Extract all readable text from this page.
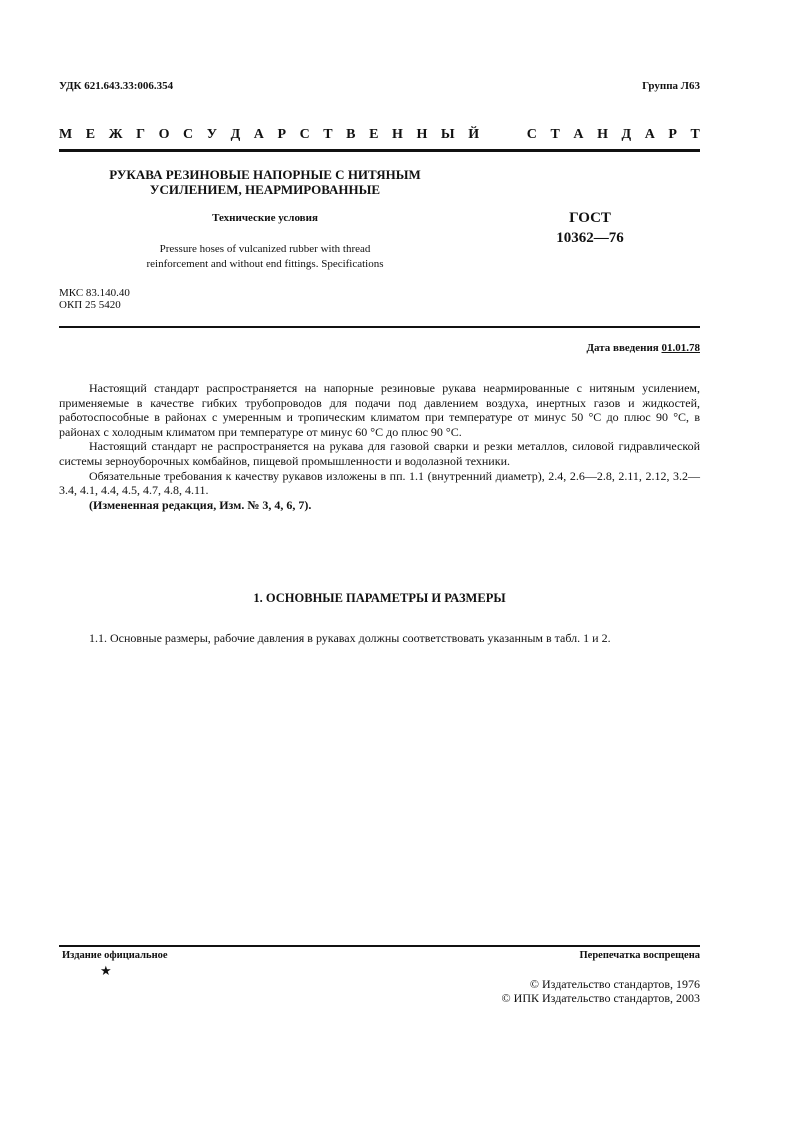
УДК 621.643.33:006.354	Группа Л63
М Е Ж Г О С У Д А Р С Т В Е Н Н Ы Й

	С Т А Н Д А Р Т
РУКАВА РЕЗИНОВЫЕ НАПОРНЫЕ С НИТЯНЫМ
УСИЛЕНИЕМ, НЕАРМИРОВАННЫЕ
Технические условия
Pressure hoses of vulcanized rubber with thread
reinforcement and without end fittings. Specifications
ГОСТ
10362—76
МКС 83.140.40
ОКП 25 5420
Дата введения 01.01.78

Настоящий стандарт распространяется на напорные резиновые рукава неармированные с нитяным усилением, применяемые в качестве гибких трубопроводов для подачи под давлением воздуха, инертных газов и жидкостей, работоспособные в районах с умеренным и тропическим климатом при температуре от минус 50 °С до плюс 90 °С, в районах с холодным климатом при температуре от минус 60 °С до плюс 90 °С.

Настоящий стандарт не распространяется на рукава для газовой сварки и резки металлов, силовой гидравлической системы зерноуборочных комбайнов, пищевой промышленности и водолазной техники.

Обязательные требования к качеству рукавов изложены в пп. 1.1 (внутренний диаметр), 2.4, 2.6—2.8, 2.11, 2.12, 3.2—3.4, 4.1, 4.4, 4.5, 4.7, 4.8, 4.11.

(Измененная редакция, Изм. № 3, 4, 6, 7).

1. ОСНОВНЫЕ ПАРАМЕТРЫ И РАЗМЕРЫ

1.1. Основные размеры, рабочие давления в рукавах должны соответствовать указанным в табл. 1 и 2.

Издание официальное
★
Перепечатка воспрещена
© Издательство стандартов, 1976
© ИПК Издательство стандартов, 2003
